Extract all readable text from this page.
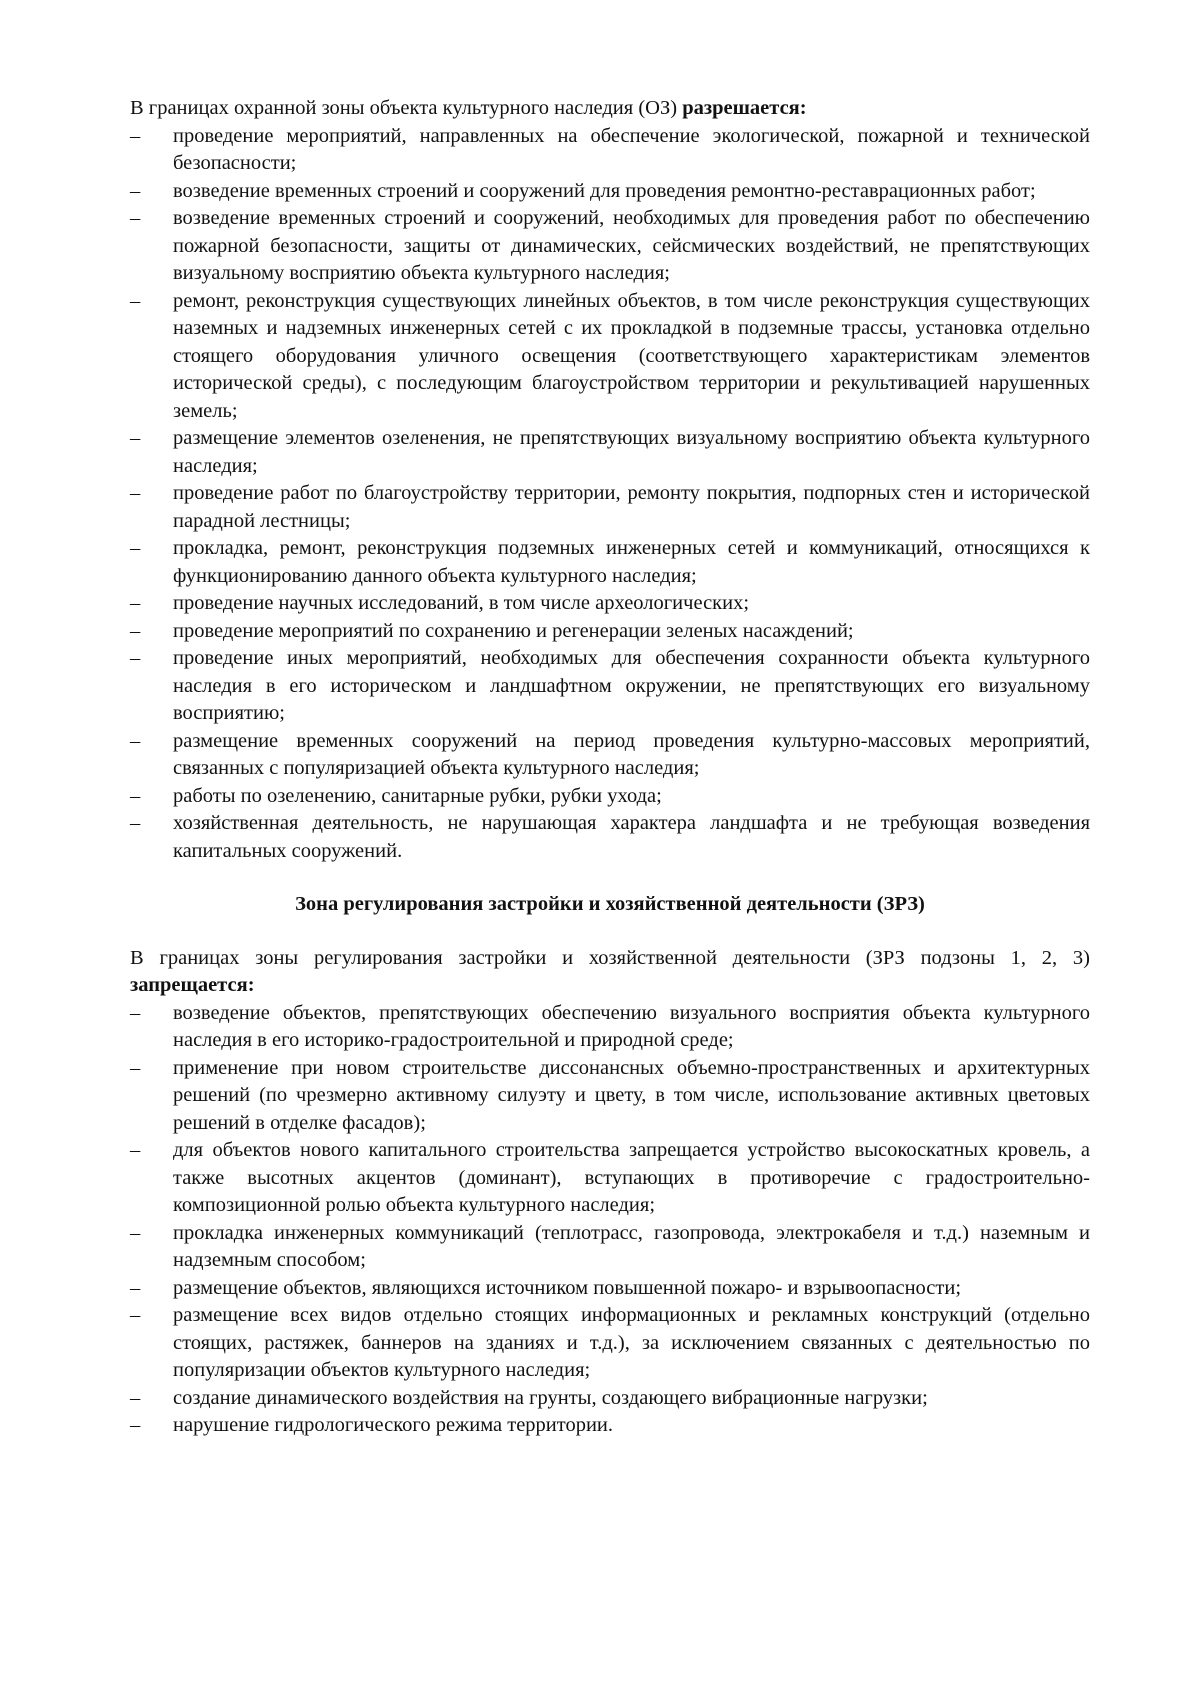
В границах охранной зоны объекта культурного наследия (ОЗ) разрешается:

– проведение мероприятий, направленных на обеспечение экологической, пожарной и технической безопасности;
– возведение временных строений и сооружений для проведения ремонтно-реставрационных работ;
– возведение временных строений и сооружений, необходимых для проведения работ по обеспечению пожарной безопасности, защиты от динамических, сейсмических воздействий, не препятствующих визуальному восприятию объекта культурного наследия;
– ремонт, реконструкция существующих линейных объектов, в том числе реконструкция существующих наземных и надземных инженерных сетей с их прокладкой в подземные трассы, установка отдельно стоящего оборудования уличного освещения (соответствующего характеристикам элементов исторической среды), с последующим благоустройством территории и рекультивацией нарушенных земель;
– размещение элементов озеленения, не препятствующих визуальному восприятию объекта культурного наследия;
– проведение работ по благоустройству территории, ремонту покрытия, подпорных стен и исторической парадной лестницы;
– прокладка, ремонт, реконструкция подземных инженерных сетей и коммуникаций, относящихся к функционированию данного объекта культурного наследия;
– проведение научных исследований, в том числе археологических;
– проведение мероприятий по сохранению и регенерации зеленых насаждений;
– проведение иных мероприятий, необходимых для обеспечения сохранности объекта культурного наследия в его историческом и ландшафтном окружении, не препятствующих его визуальному восприятию;
– размещение временных сооружений на период проведения культурно-массовых мероприятий, связанных с популяризацией объекта культурного наследия;
– работы по озеленению, санитарные рубки, рубки ухода;
– хозяйственная деятельность, не нарушающая характера ландшафта и не требующая возведения капитальных сооружений.
Зона регулирования застройки и хозяйственной деятельности (ЗРЗ)

В границах зоны регулирования застройки и хозяйственной деятельности (ЗРЗ подзоны 1, 2, 3) запрещается:

– возведение объектов, препятствующих обеспечению визуального восприятия объекта культурного наследия в его историко-градостроительной и природной среде;
– применение при новом строительстве диссонансных объемно-пространственных и архитектурных решений (по чрезмерно активному силуэту и цвету, в том числе, использование активных цветовых решений в отделке фасадов);
– для объектов нового капитального строительства запрещается устройство высокоскатных кровель, а также высотных акцентов (доминант), вступающих в противоречие с градостроительно-композиционной ролью объекта культурного наследия;
– прокладка инженерных коммуникаций (теплотрасс, газопровода, электрокабеля и т.д.) наземным и надземным способом;
– размещение объектов, являющихся источником повышенной пожаро- и взрывоопасности;
– размещение всех видов отдельно стоящих информационных и рекламных конструкций (отдельно стоящих, растяжек, баннеров на зданиях и т.д.), за исключением связанных с деятельностью по популяризации объектов культурного наследия;
– создание динамического воздействия на грунты, создающего вибрационные нагрузки;
– нарушение гидрологического режима территории.
